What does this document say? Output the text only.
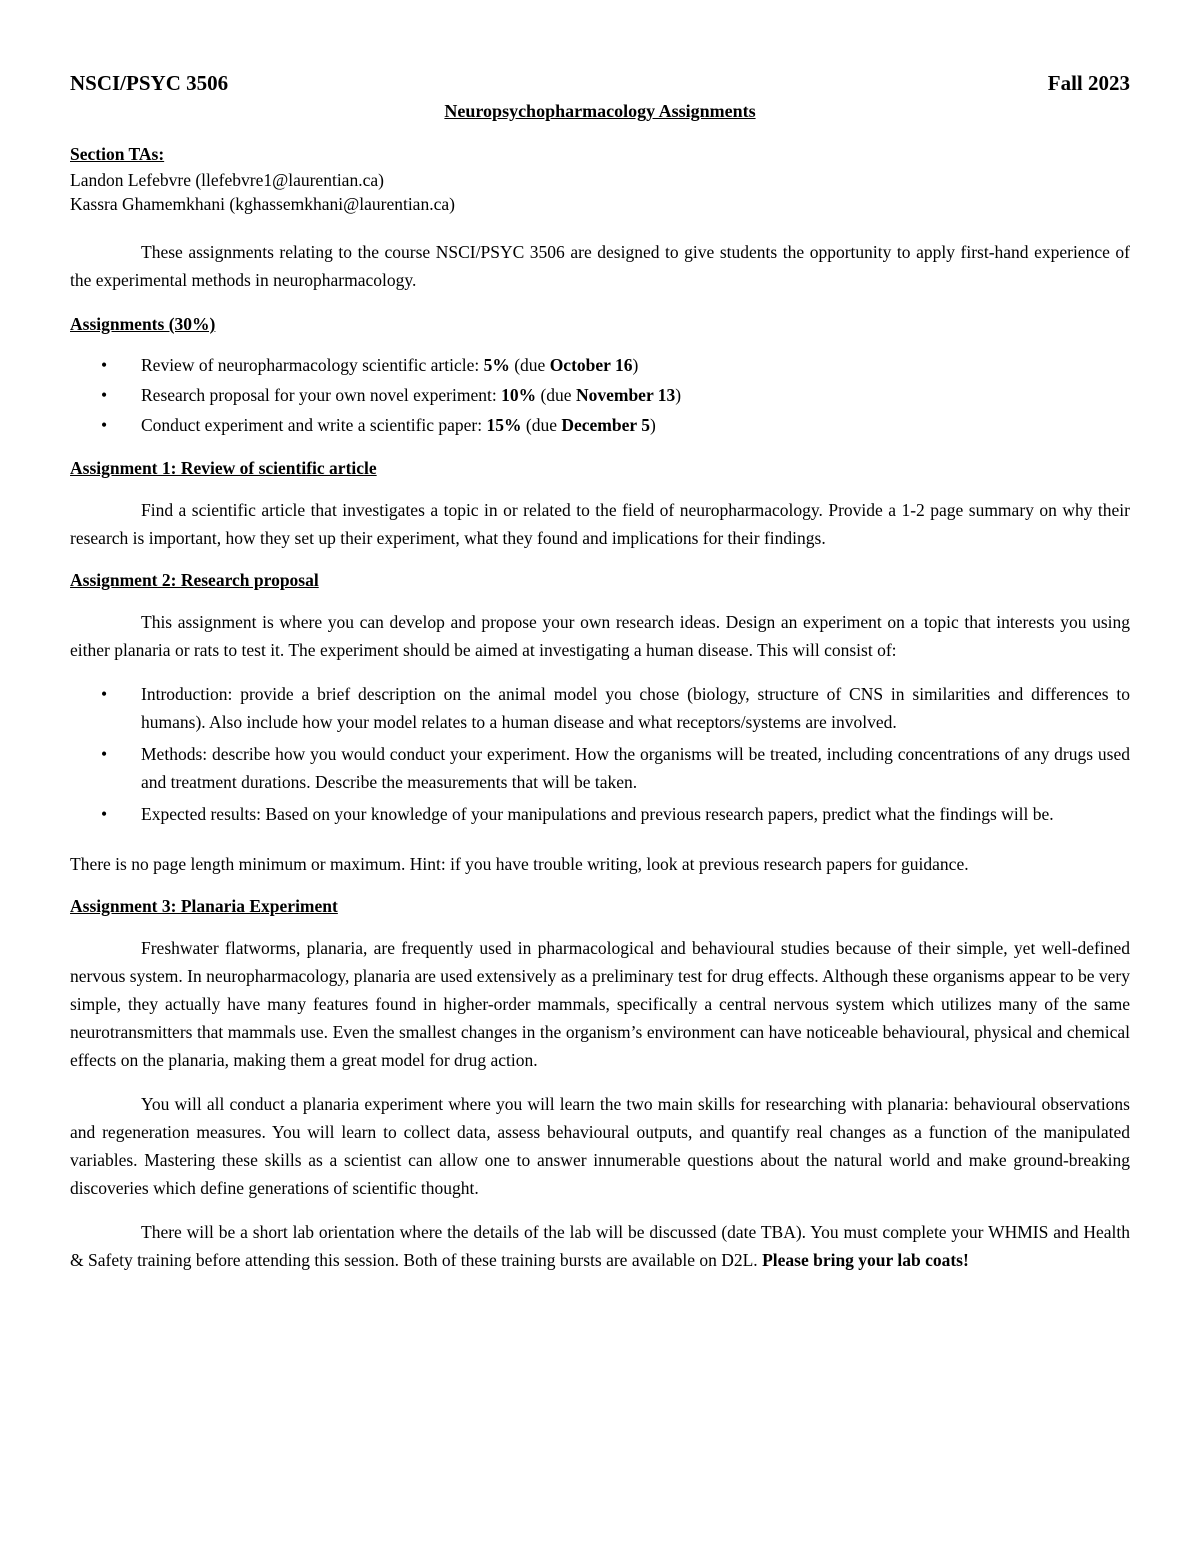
NSCI/PSYC 3506	Fall 2023
Neuropsychopharmacology Assignments
Section TAs:
Landon Lefebvre (llefebvre1@laurentian.ca)
Kassra Ghamemkhani (kghassemkhani@laurentian.ca)

These assignments relating to the course NSCI/PSYC 3506 are designed to give students the opportunity to apply first-hand experience of the experimental methods in neuropharmacology.

Assignments (30%)
• Review of neuropharmacology scientific article: 5% (due October 16)
• Research proposal for your own novel experiment: 10% (due November 13)
• Conduct experiment and write a scientific paper: 15% (due December 5)
Assignment 1: Review of scientific article

Find a scientific article that investigates a topic in or related to the field of neuropharmacology. Provide a 1-2 page summary on why their research is important, how they set up their experiment, what they found and implications for their findings.

Assignment 2: Research proposal

This assignment is where you can develop and propose your own research ideas. Design an experiment on a topic that interests you using either planaria or rats to test it. The experiment should be aimed at investigating a human disease. This will consist of:

• Introduction: provide a brief description on the animal model you chose (biology, structure of CNS in similarities and differences to humans). Also include how your model relates to a human disease and what receptors/systems are involved.
• Methods: describe how you would conduct your experiment. How the organisms will be treated, including concentrations of any drugs used and treatment durations. Describe the measurements that will be taken.
• Expected results: Based on your knowledge of your manipulations and previous research papers, predict what the findings will be.

There is no page length minimum or maximum. Hint: if you have trouble writing, look at previous research papers for guidance.

Assignment 3: Planaria Experiment

Freshwater flatworms, planaria, are frequently used in pharmacological and behavioural studies because of their simple, yet well-defined nervous system. In neuropharmacology, planaria are used extensively as a preliminary test for drug effects. Although these organisms appear to be very simple, they actually have many features found in higher-order mammals, specifically a central nervous system which utilizes many of the same neurotransmitters that mammals use. Even the smallest changes in the organism’s environment can have noticeable behavioural, physical and chemical effects on the planaria, making them a great model for drug action.

You will all conduct a planaria experiment where you will learn the two main skills for researching with planaria: behavioural observations and regeneration measures. You will learn to collect data, assess behavioural outputs, and quantify real changes as a function of the manipulated variables. Mastering these skills as a scientist can allow one to answer innumerable questions about the natural world and make ground-breaking discoveries which define generations of scientific thought.

There will be a short lab orientation where the details of the lab will be discussed (date TBA). You must complete your WHMIS and Health & Safety training before attending this session. Both of these training bursts are available on D2L. Please bring your lab coats!
